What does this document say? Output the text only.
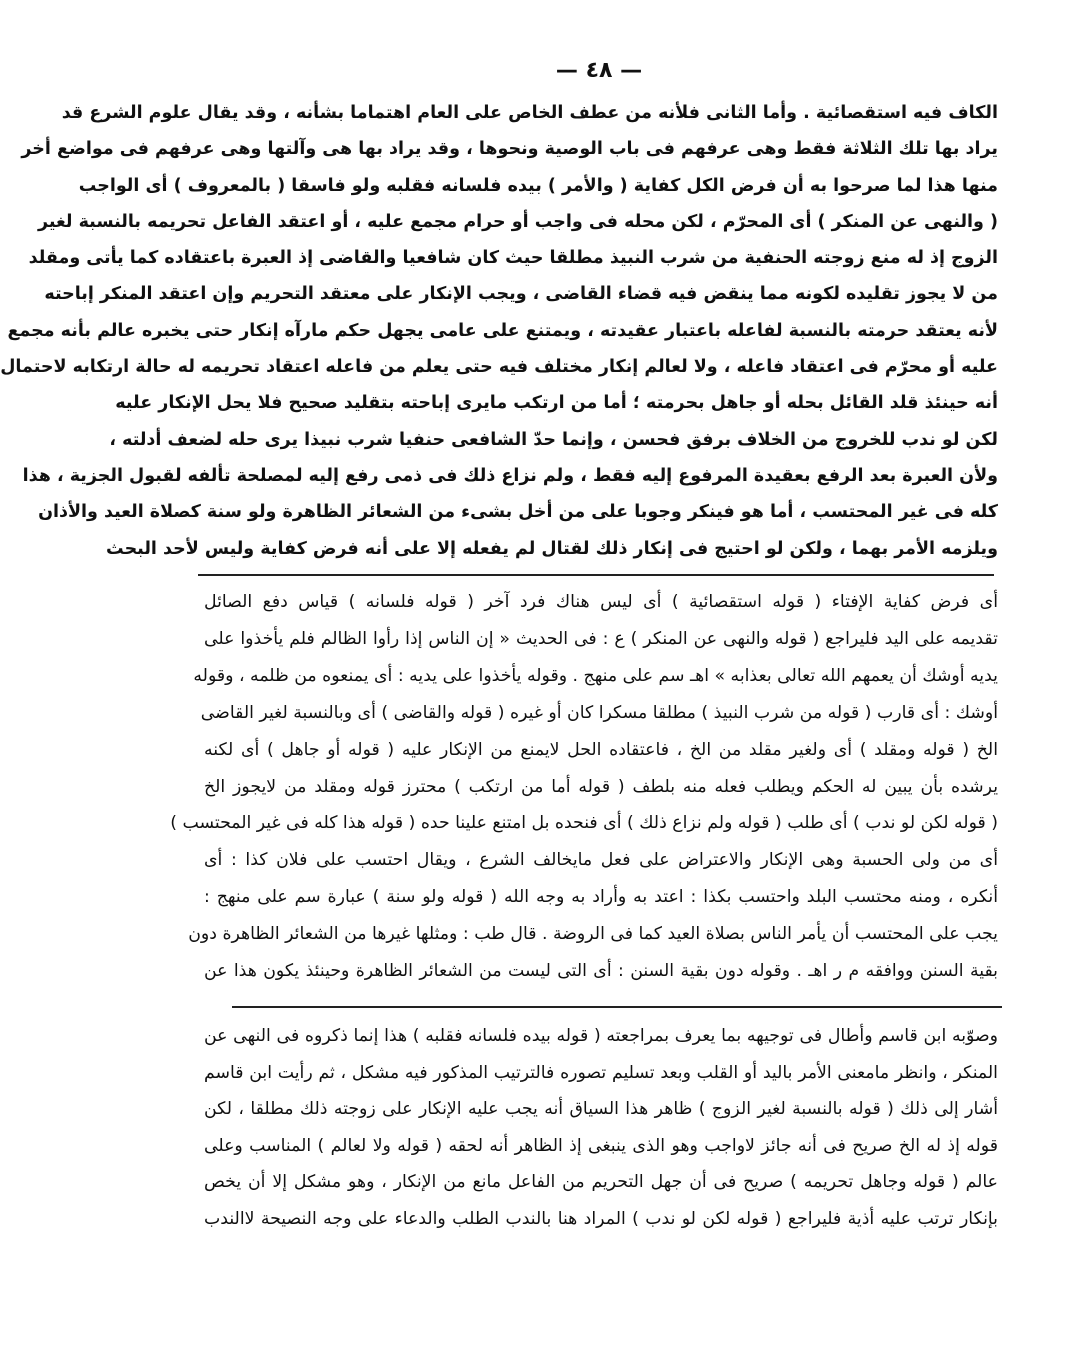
— ٤٨ —
الكاف فيه استقصائية . وأما الثانى فلأنه من عطف الخاص على العام اهتماما بشأنه ، وقد يقال علوم الشرع قد
يراد بها تلك الثلاثة فقط وهى عرفهم فى باب الوصية ونحوها ، وقد يراد بها هى وآلتها وهى عرفهم فى مواضع أخر
منها هذا لما صرحوا به أن فرض الكل كفاية ( والأمر ) بيده فلسانه فقلبه ولو فاسقا ( بالمعروف ) أى الواجب
( والنهى عن المنكر ) أى المحرّم ، لكن محله فى واجب أو حرام مجمع عليه ، أو اعتقد الفاعل تحريمه بالنسبة لغير
الزوج إذ له منع زوجته الحنفية من شرب النبيذ مطلقا حيث كان شافعيا والقاضى إذ العبرة باعتقاده كما يأتى ومقلد
من لا يجوز تقليده لكونه مما ينقض فيه قضاء القاضى ، ويجب الإنكار على معتقد التحريم وإن اعتقد المنكر إباحته
لأنه يعتقد حرمته بالنسبة لفاعله باعتبار عقيدته ، ويمتنع على عامى يجهل حكم مارآه إنكار حتى يخبره عالم بأنه مجمع
عليه أو محرّم فى اعتقاد فاعله ، ولا لعالم إنكار مختلف فيه حتى يعلم من فاعله اعتقاد تحريمه له حالة ارتكابه لاحتمال
أنه حينئذ قلد القائل بحله أو جاهل بحرمته ؛ أما من ارتكب مايرى إباحته بتقليد صحيح فلا يحل الإنكار عليه
لكن لو ندب للخروج من الخلاف برفق فحسن ، وإنما حدّ الشافعى حنفيا شرب نبيذا يرى حله لضعف أدلته ،
ولأن العبرة بعد الرفع بعقيدة المرفوع إليه فقط ، ولم نزاع ذلك فى ذمى رفع إليه لمصلحة تألفه لقبول الجزية ، هذا
كله فى غير المحتسب ، أما هو فينكر وجوبا على من أخل بشىء من الشعائر الظاهرة ولو سنة كصلاة العيد والأذان
ويلزمه الأمر بهما ، ولكن لو احتيج فى إنكار ذلك لقتال لم يفعله إلا على أنه فرض كفاية وليس لأحد البحث
أى فرض كفاية الإفتاء ( قوله استقصائية ) أى ليس هناك فرد آخر ( قوله فلسانه ) قياس دفع الصائل
تقديمه على اليد فليراجع ( قوله والنهى عن المنكر ) ع : فى الحديث « إن الناس إذا رأوا الظالم فلم يأخذوا على
يديه أوشك أن يعمهم الله تعالى بعذابه » اهـ سم على منهج . وقوله يأخذوا على يديه : أى يمنعوه من ظلمه ، وقوله
أوشك : أى قارب ( قوله من شرب النبيذ ) مطلقا مسكرا كان أو غيره ( قوله والقاضى ) أى وبالنسبة لغير القاضى
الخ ( قوله ومقلد ) أى ولغير مقلد من الخ ، فاعتقاده الحل لايمنع من الإنكار عليه ( قوله أو جاهل ) أى لكنه
يرشده بأن يبين له الحكم ويطلب فعله منه بلطف ( قوله أما من ارتكب ) محترز قوله ومقلد من لايجوز الخ
( قوله لكن لو ندب ) أى طلب ( قوله ولم نزاع ذلك ) أى فنحده بل امتنع علينا حده ( قوله هذا كله فى غير المحتسب )
أى من ولى الحسبة وهى الإنكار والاعتراض على فعل مايخالف الشرع ، ويقال احتسب على فلان كذا : أى
أنكره ، ومنه محتسب البلد واحتسب بكذا : اعتد به وأراد به وجه الله ( قوله ولو سنة ) عبارة سم على منهج :
يجب على المحتسب أن يأمر الناس بصلاة العيد كما فى الروضة . قال طب : ومثلها غيرها من الشعائر الظاهرة دون
بقية السنن ووافقه م ر اهـ . وقوله دون بقية السنن : أى التى ليست من الشعائر الظاهرة وحينئذ يكون هذا عن
وصوّبه ابن قاسم وأطال فى توجيهه بما يعرف بمراجعته ( قوله بيده فلسانه فقلبه ) هذا إنما ذكروه فى النهى عن
المنكر ، وانظر مامعنى الأمر باليد أو القلب وبعد تسليم تصوره فالترتيب المذكور فيه مشكل ، ثم رأيت ابن قاسم
أشار إلى ذلك ( قوله بالنسبة لغير الزوج ) ظاهر هذا السياق أنه يجب عليه الإنكار على زوجته ذلك مطلقا ، لكن
قوله إذ له الخ صريح فى أنه جائز لاواجب وهو الذى ينبغى إذ الظاهر أنه لحقه ( قوله ولا لعالم ) المناسب وعلى
عالم ( قوله وجاهل تحريمه ) صريح فى أن جهل التحريم من الفاعل مانع من الإنكار ، وهو مشكل إلا أن يخص
بإنكار ترتب عليه أذية فليراجع ( قوله لكن لو ندب ) المراد هنا بالندب الطلب والدعاء على وجه النصيحة لاالندب
